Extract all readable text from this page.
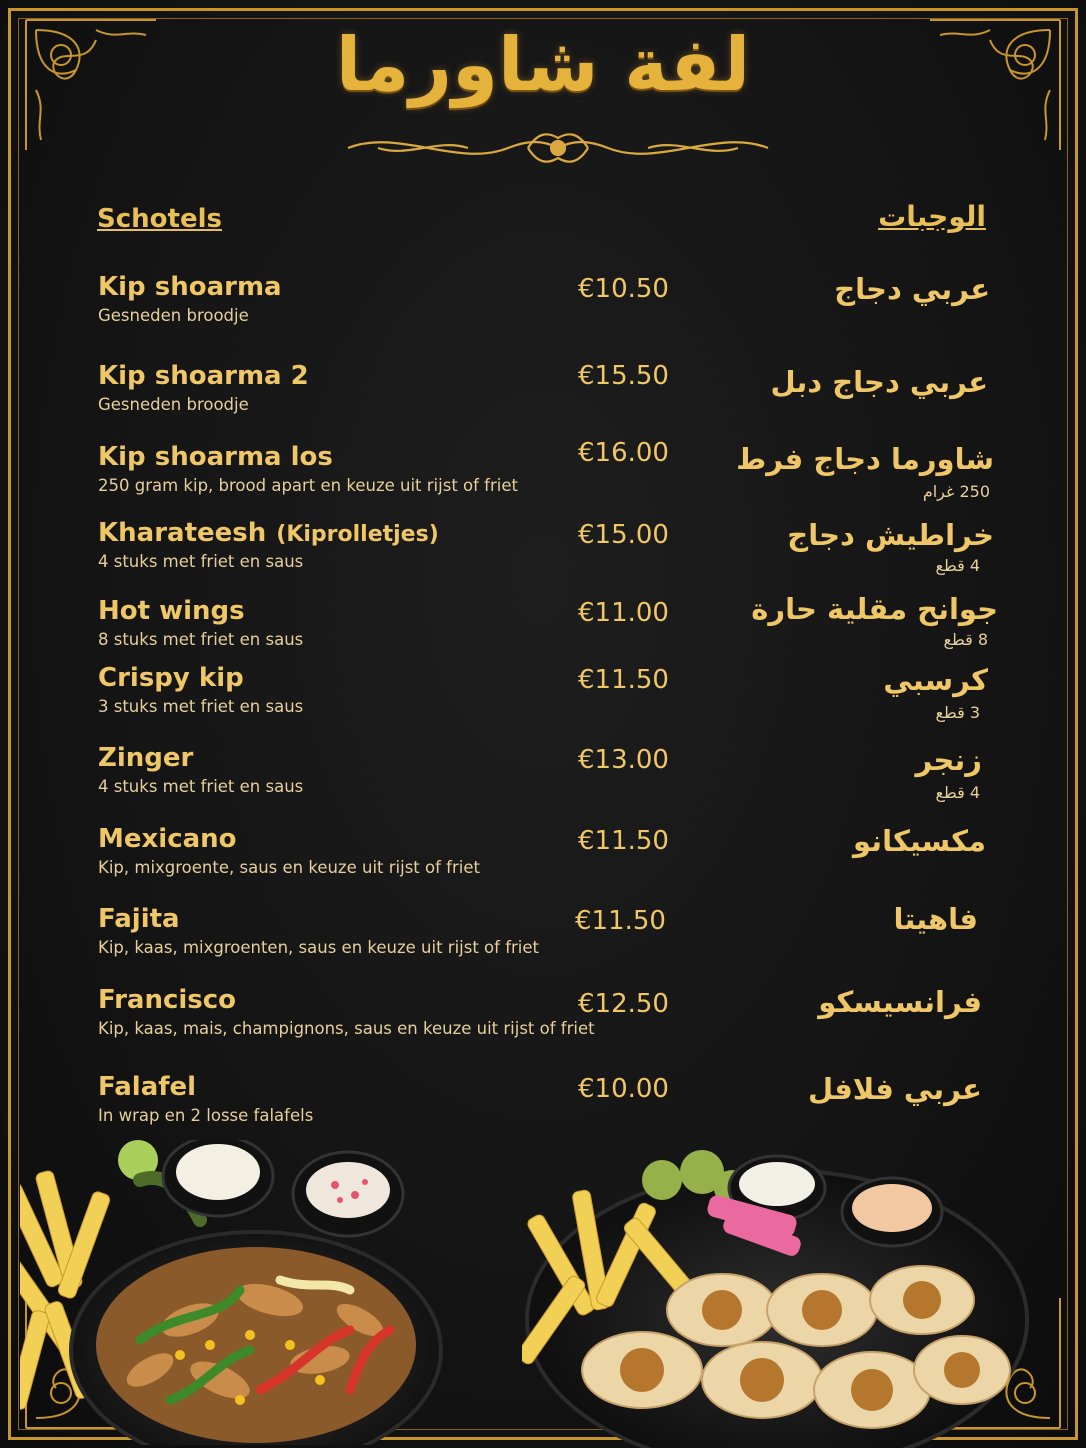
لفة شاورما
Schotels	الوجبات
Kip shoarma
Gesneden broodje
€10.50	عربي دجاج
Kip shoarma 2
Gesneden broodje
€15.50	عربي دجاج دبل
Kip shoarma los
250 gram kip, brood apart en keuze uit rijst of friet
€16.00 شاورما دجاج فرط
250 غرام
Kharateesh (Kiprolletjes)
4 stuks met friet en saus
€15.00	خراطيش دجاج
4 قطع
Hot wings
8 stuks met friet en saus
€11.00	جوانح مقلية حارة
8 قطع
Crispy kip
3 stuks met friet en saus
€11.50	كرسبي
3 قطع
Zinger
4 stuks met friet en saus
€13.00	زنجر
4 قطع
Mexicano
Kip, mixgroente, saus en keuze uit rijst of friet
€11.50	مكسيكانو
Fajita
Kip, kaas, mixgroenten, saus en keuze uit rijst of friet
€11.50	فاهيتا
Francisco
Kip, kaas, mais, champignons, saus en keuze uit rijst of friet
€12.50	فرانسيسكو
Falafel
In wrap en 2 losse falafels
€10.00	عربي فلافل
